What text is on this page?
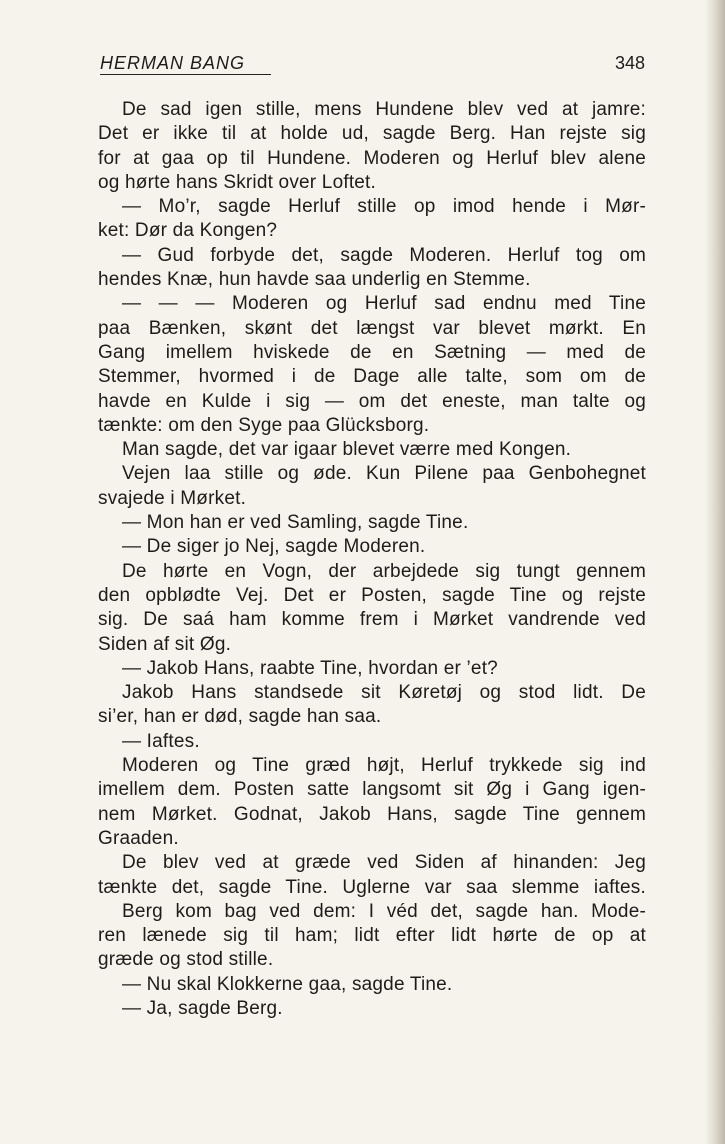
HERMAN BANG	348
De sad igen stille, mens Hundene blev ved at jamre:
Det er ikke til at holde ud, sagde Berg. Han rejste sig
for at gaa op til Hundene. Moderen og Herluf blev alene
og hørte hans Skridt over Loftet.
— Mo’r, sagde Herluf stille op imod hende i Mør-
ket: Dør da Kongen?
— Gud forbyde det, sagde Moderen. Herluf tog om
hendes Knæ, hun havde saa underlig en Stemme.
— — — Moderen og Herluf sad endnu med Tine
paa Bænken, skønt det længst var blevet mørkt. En
Gang imellem hviskede de en Sætning — med de
Stemmer, hvormed i de Dage alle talte, som om de
havde en Kulde i sig — om det eneste, man talte og
tænkte: om den Syge paa Glücksborg.
Man sagde, det var igaar blevet værre med Kongen.
Vejen laa stille og øde. Kun Pilene paa Genbohegnet
svajede i Mørket.
— Mon han er ved Samling, sagde Tine.
— De siger jo Nej, sagde Moderen.
De hørte en Vogn, der arbejdede sig tungt gennem
den opblødte Vej. Det er Posten, sagde Tine og rejste
sig. De saá ham komme frem i Mørket vandrende ved
Siden af sit Øg.
— Jakob Hans, raabte Tine, hvordan er ’et?
Jakob Hans standsede sit Køretøj og stod lidt. De
si’er, han er død, sagde han saa.
— Iaftes.
Moderen og Tine græd højt, Herluf trykkede sig ind
imellem dem. Posten satte langsomt sit Øg i Gang igen-
nem Mørket. Godnat, Jakob Hans, sagde Tine gennem
Graaden.
De blev ved at græde ved Siden af hinanden: Jeg
tænkte det, sagde Tine. Uglerne var saa slemme iaftes.
Berg kom bag ved dem: I véd det, sagde han. Mode-
ren lænede sig til ham; lidt efter lidt hørte de op at
græde og stod stille.
— Nu skal Klokkerne gaa, sagde Tine.
— Ja, sagde Berg.
